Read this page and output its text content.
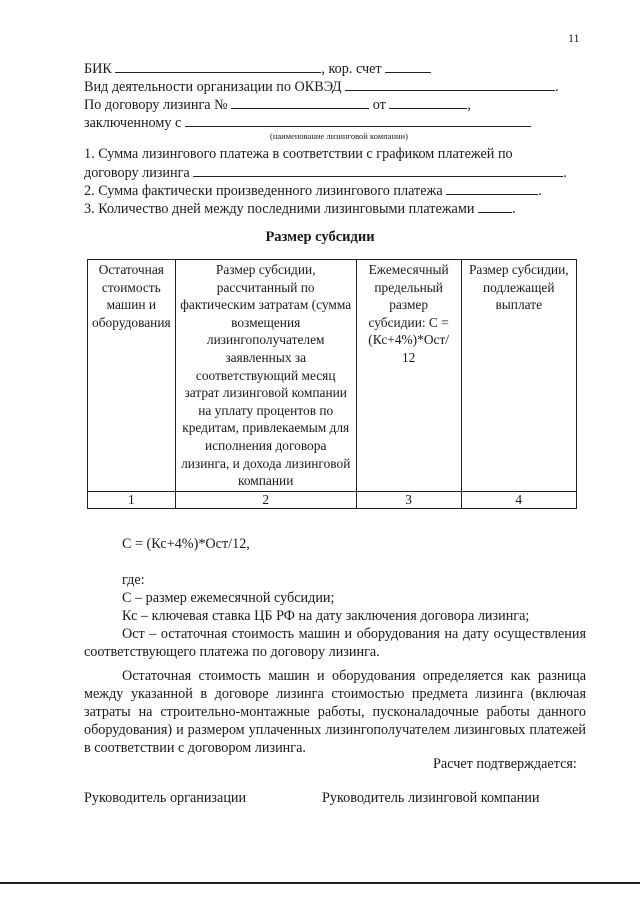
11
БИК	, кор. счет
Вид деятельности организации по ОКВЭД	.
По договору лизинга №	от	,
заключенному с
(наименование лизинговой компании)
1. Сумма лизингового платежа в соответствии с графиком платежей по
договору лизинга	.
2. Сумма фактически произведенного лизингового платежа	.
3. Количество дней между последними лизинговыми платежами	.
Размер субсидии
Остаточная стоимость машин и оборудования	Размер субсидии, рассчитанный по фактическим затратам (сумма возмещения лизингополучателем заявленных за соответствующий месяц затрат лизинговой компании на уплату процентов по кредитам, привлекаемым для исполнения договора лизинга, и дохода лизинговой компании	Ежемесячный предельный размер субсидии: С = (Кс+4%)*Ост/ 12	Размер субсидии, подлежащей выплате
1	2	3	4
С = (Кс+4%)*Ост/12,
где:

С – размер ежемесячной субсидии;

Кс – ключевая ставка ЦБ РФ на дату заключения договора лизинга;

Ост – остаточная стоимость машин и оборудования на дату осуществления соответствующего платежа по договору лизинга.

Остаточная стоимость машин и оборудования определяется как разница между указанной в договоре лизинга стоимостью предмета лизинга (включая затраты на строительно-монтажные работы, пусконаладочные работы данного оборудования) и размером уплаченных лизингополучателем лизинговых платежей в соответствии с договором лизинга.

Расчет подтверждается:
Руководитель организации	Руководитель лизинговой компании
